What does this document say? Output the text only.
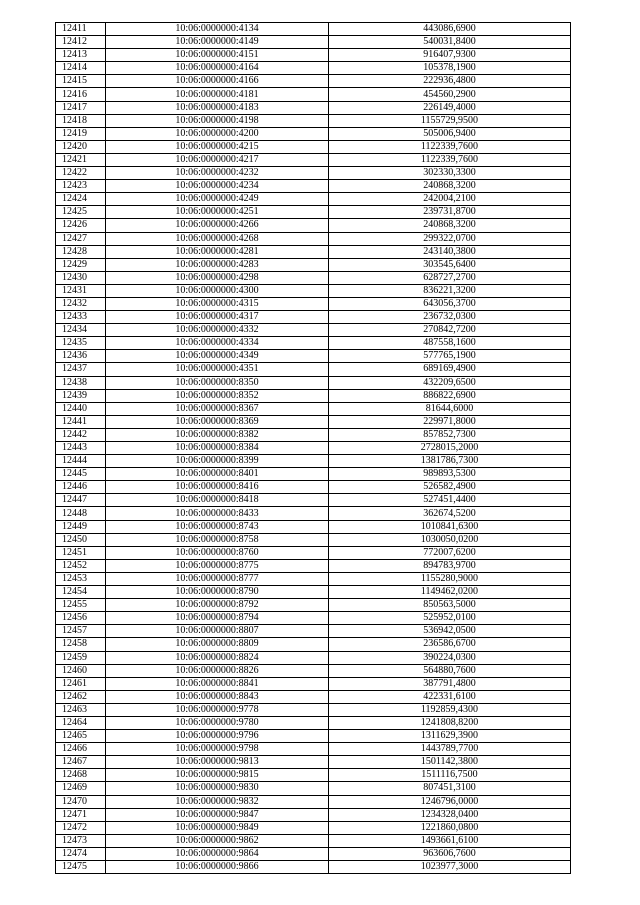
12411	10:06:0000000:4134	443086,6900
12412	10:06:0000000:4149	540031,8400
12413	10:06:0000000:4151	916407,9300
12414	10:06:0000000:4164	105378,1900
12415	10:06:0000000:4166	222936,4800
12416	10:06:0000000:4181	454560,2900
12417	10:06:0000000:4183	226149,4000
12418	10:06:0000000:4198	1155729,9500
12419	10:06:0000000:4200	505006,9400
12420	10:06:0000000:4215	1122339,7600
12421	10:06:0000000:4217	1122339,7600
12422	10:06:0000000:4232	302330,3300
12423	10:06:0000000:4234	240868,3200
12424	10:06:0000000:4249	242004,2100
12425	10:06:0000000:4251	239731,8700
12426	10:06:0000000:4266	240868,3200
12427	10:06:0000000:4268	299322,0700
12428	10:06:0000000:4281	243140,3800
12429	10:06:0000000:4283	303545,6400
12430	10:06:0000000:4298	628727,2700
12431	10:06:0000000:4300	836221,3200
12432	10:06:0000000:4315	643056,3700
12433	10:06:0000000:4317	236732,0300
12434	10:06:0000000:4332	270842,7200
12435	10:06:0000000:4334	487558,1600
12436	10:06:0000000:4349	577765,1900
12437	10:06:0000000:4351	689169,4900
12438	10:06:0000000:8350	432209,6500
12439	10:06:0000000:8352	886822,6900
12440	10:06:0000000:8367	81644,6000
12441	10:06:0000000:8369	229971,8000
12442	10:06:0000000:8382	857852,7300
12443	10:06:0000000:8384	2728015,2000
12444	10:06:0000000:8399	1381786,7300
12445	10:06:0000000:8401	989893,5300
12446	10:06:0000000:8416	526582,4900
12447	10:06:0000000:8418	527451,4400
12448	10:06:0000000:8433	362674,5200
12449	10:06:0000000:8743	1010841,6300
12450	10:06:0000000:8758	1030050,0200
12451	10:06:0000000:8760	772007,6200
12452	10:06:0000000:8775	894783,9700
12453	10:06:0000000:8777	1155280,9000
12454	10:06:0000000:8790	1149462,0200
12455	10:06:0000000:8792	850563,5000
12456	10:06:0000000:8794	525952,0100
12457	10:06:0000000:8807	536942,0500
12458	10:06:0000000:8809	236586,6700
12459	10:06:0000000:8824	390224,0300
12460	10:06:0000000:8826	564880,7600
12461	10:06:0000000:8841	387791,4800
12462	10:06:0000000:8843	422331,6100
12463	10:06:0000000:9778	1192859,4300
12464	10:06:0000000:9780	1241808,8200
12465	10:06:0000000:9796	1311629,3900
12466	10:06:0000000:9798	1443789,7700
12467	10:06:0000000:9813	1501142,3800
12468	10:06:0000000:9815	1511116,7500
12469	10:06:0000000:9830	807451,3100
12470	10:06:0000000:9832	1246796,0000
12471	10:06:0000000:9847	1234328,0400
12472	10:06:0000000:9849	1221860,0800
12473	10:06:0000000:9862	1493661,6100
12474	10:06:0000000:9864	963606,7600
12475	10:06:0000000:9866	1023977,3000
